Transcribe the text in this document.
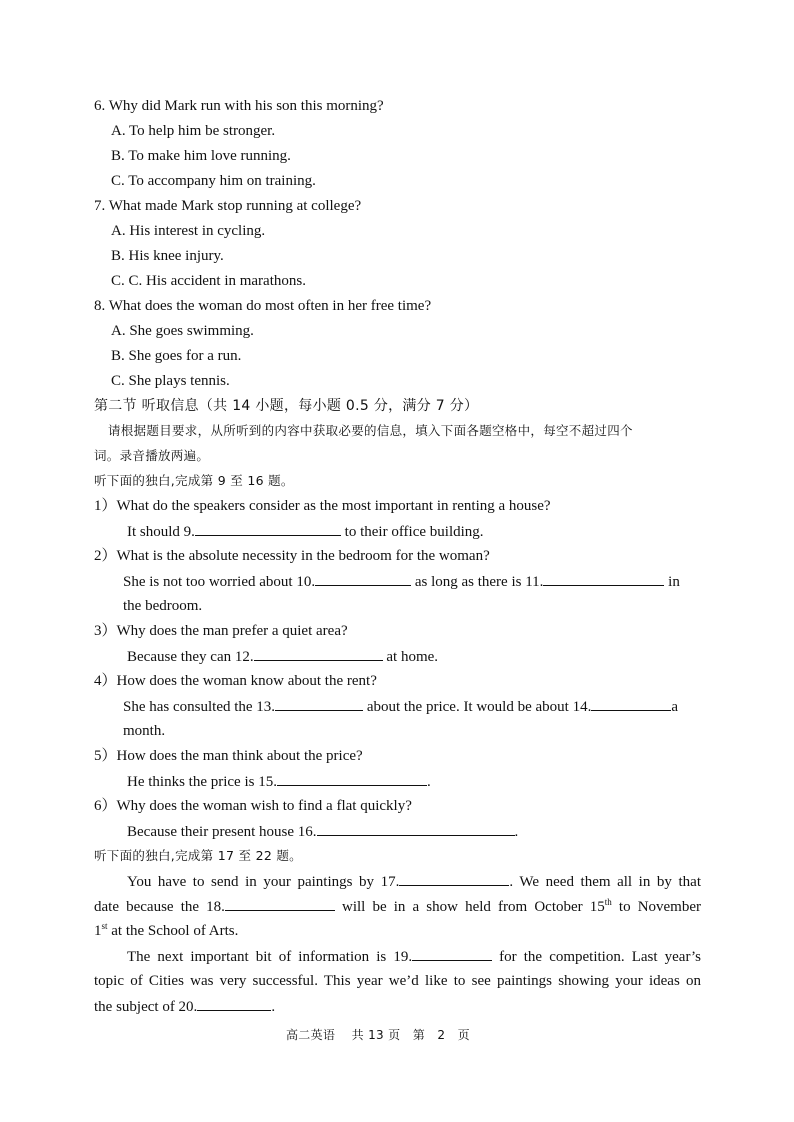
6. Why did Mark run with his son this morning?
A. To help him be stronger.
B. To make him love running.
C. To accompany him on training.
7. What made Mark stop running at college?
A. His interest in cycling.
B. His knee injury.
C. C. His accident in marathons.
8. What does the woman do most often in her free time?
A. She goes swimming.
B. She goes for a run.
C. She plays tennis.
第二节 听取信息（共 14 小题，每小题 0.5 分，满分 7 分）
请根据题目要求，从所听到的内容中获取必要的信息，填入下面各题空格中，每空不超过四个
词。录音播放两遍。
听下面的独白,完成第 9 至 16 题。
1）What do the speakers consider as the most important in renting a house?
It should 9.	to their office building.
2）What is the absolute necessity in the bedroom for the woman?
She is not too worried about 10.	as long as there is 11.	in
the bedroom.
3）Why does the man prefer a quiet area?
Because they can 12.	at home.
4）How does the woman know about the rent?
She has consulted the 13.	about the price. It would be about 14.	a
month.
5）How does the man think about the price?
He thinks the price is 15.	.
6）Why does the woman wish to find a flat quickly?
Because their present house 16.	.
听下面的独白,完成第 17 至 22 题。
You have to send in your paintings by 17.	. We need them all in by that
date because the 18.	will be in a show held from October 15th to November
1st at the School of Arts.
The next important bit of information is 19.	for the competition. Last year’s
topic of Cities was very successful. This year we’d like to see paintings showing your ideas on
the subject of 20.	.
高二英语 共 13 页 第 2 页
